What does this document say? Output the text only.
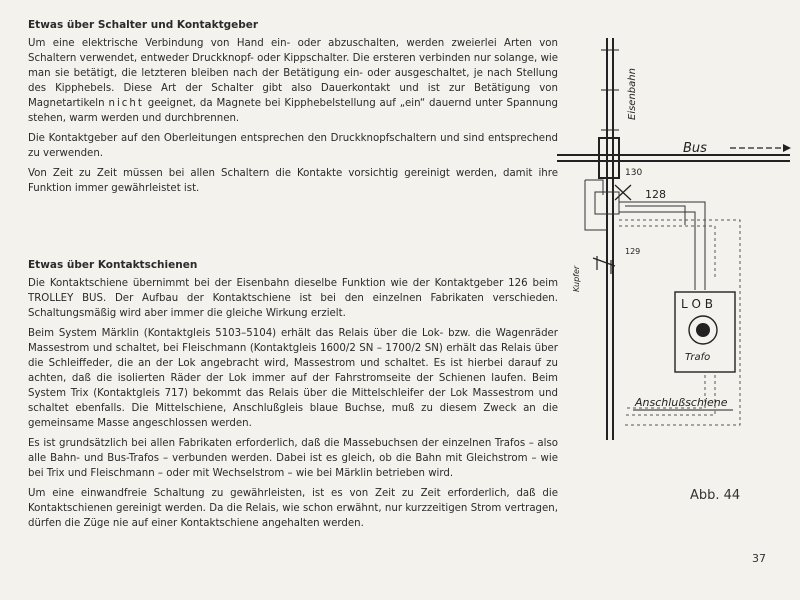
Etwas über Schalter und Kontaktgeber

Um eine elektrische Verbindung von Hand ein- oder abzuschalten, werden zweierlei Arten von Schaltern verwendet, entweder Druckknopf- oder Kippschalter. Die ersteren verbinden nur solange, wie man sie betätigt, die letzteren bleiben nach der Betätigung ein- oder ausgeschaltet, je nach Stellung des Kipphebels. Diese Art der Schalter gibt also Dauerkontakt und ist zur Betätigung von Magnetartikeln nicht geeignet, da Magnete bei Kipphebelstellung auf „ein“ dauernd unter Spannung stehen, warm werden und durchbrennen.

Die Kontaktgeber auf den Oberleitungen entsprechen den Druckknopfschaltern und sind entsprechend zu verwenden.

Von Zeit zu Zeit müssen bei allen Schaltern die Kontakte vorsichtig gereinigt werden, damit ihre Funktion immer gewährleistet ist.

Etwas über Kontaktschienen

Die Kontaktschiene übernimmt bei der Eisenbahn dieselbe Funktion wie der Kontaktgeber 126 beim TROLLEY BUS. Der Aufbau der Kontaktschiene ist bei den einzelnen Fabrikaten verschieden. Schaltungsmäßig wird aber immer die gleiche Wirkung erzielt.

Beim System Märklin (Kontaktgleis 5103–5104) erhält das Relais über die Lok- bzw. die Wagenräder Massestrom und schaltet, bei Fleischmann (Kontaktgleis 1600/2 SN – 1700/2 SN) erhält das Relais über die Schleiffeder, die an der Lok angebracht wird, Massestrom und schaltet. Es ist hierbei darauf zu achten, daß die isolierten Räder der Lok immer auf der Fahrstromseite der Schienen laufen. Beim System Trix (Kontaktgleis 717) bekommt das Relais über die Mittelschleifer der Lok Massestrom und schaltet ebenfalls. Die Mittelschiene, Anschlußgleis blaue Buchse, muß zu diesem Zweck an die gemeinsame Masse angeschlossen werden.

Es ist grundsätzlich bei allen Fabrikaten erforderlich, daß die Massebuchsen der einzelnen Trafos – also alle Bahn- und Bus-Trafos – verbunden werden. Dabei ist es gleich, ob die Bahn mit Gleichstrom – wie bei Trix und Fleischmann – oder mit Wechselstrom – wie bei Märklin betrieben wird.

Um eine einwandfreie Schaltung zu gewährleisten, ist es von Zeit zu Zeit erforderlich, daß die Kontaktschienen gereinigt werden. Da die Relais, wie schon erwähnt, nur kurzzeitigen Strom vertragen, dürfen die Züge nie auf einer Kontaktschiene angehalten werden.

Eisenbahn
Bus
130
128
129
Kupfer
L O B
Trafo
Anschlußschiene
Abb. 44
37
